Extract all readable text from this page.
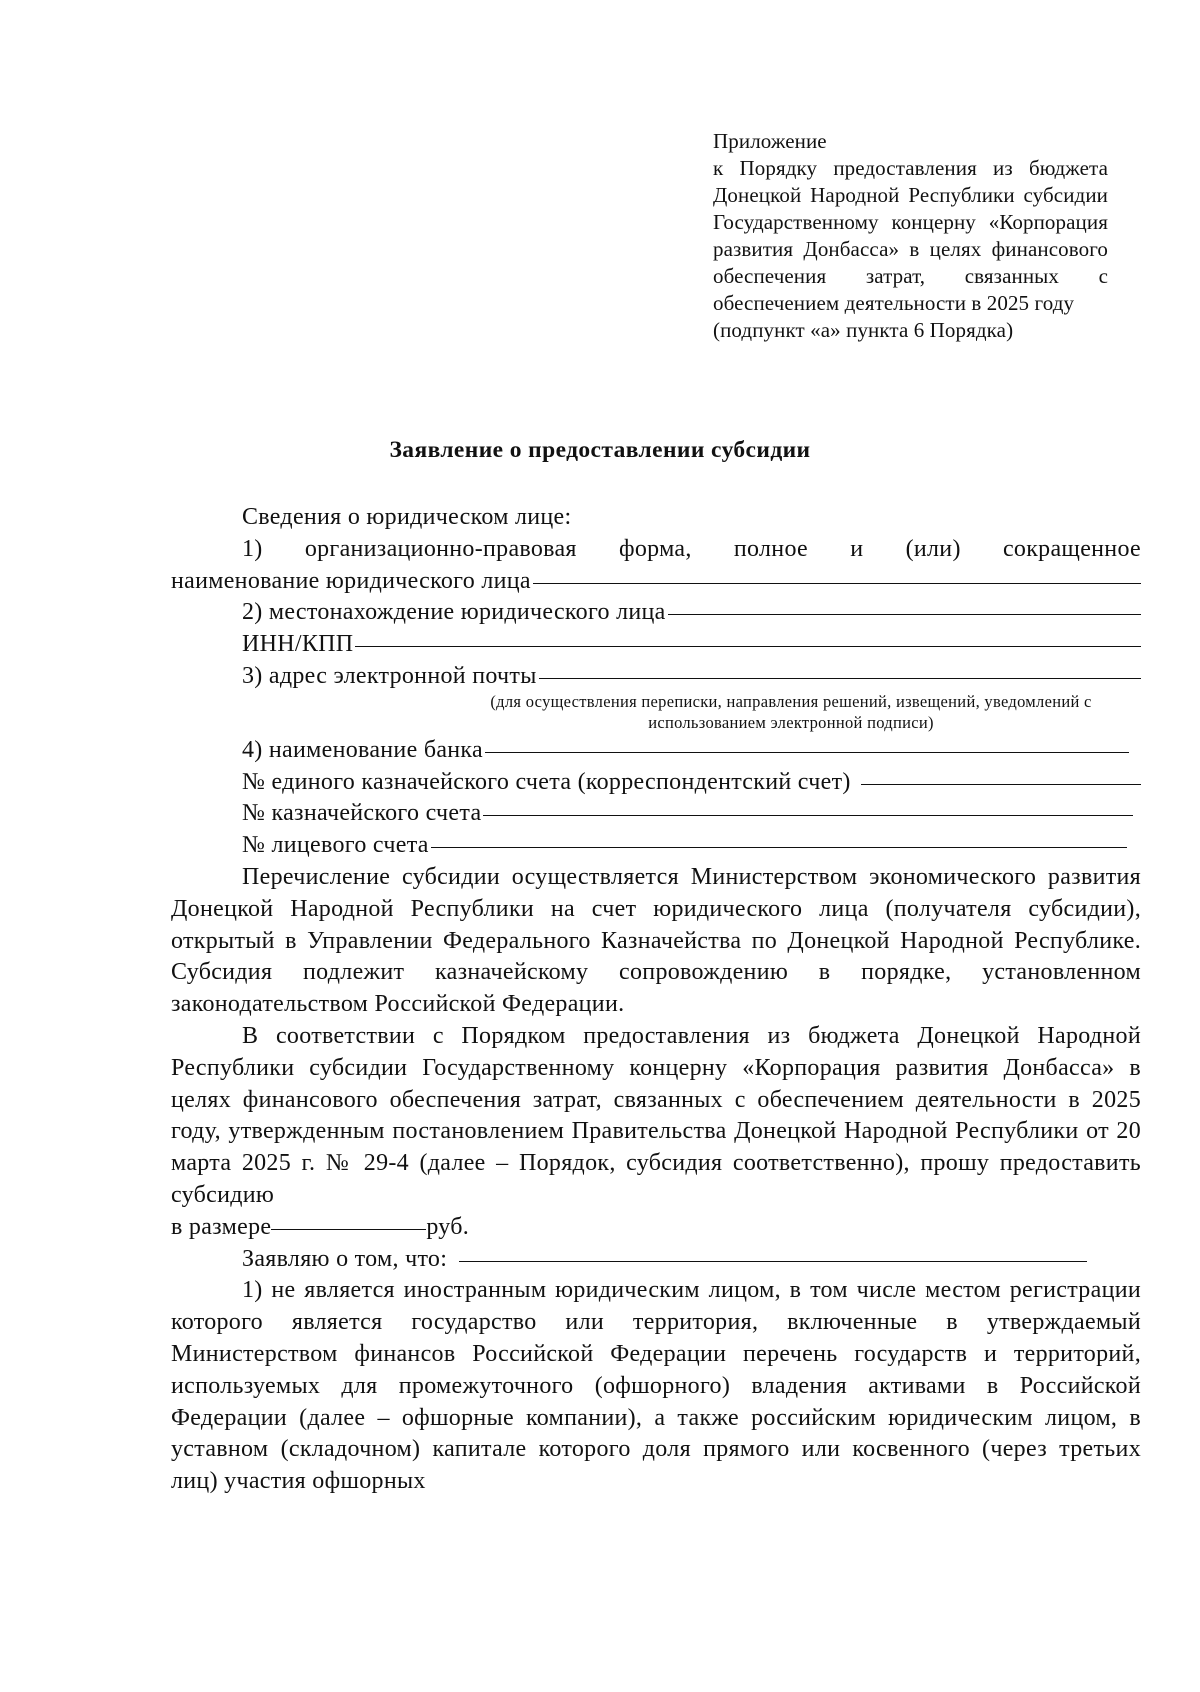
Приложение

к Порядку предоставления из бюджета Донецкой Народной Республики субсидии Государственному концерну «Корпорация развития Донбасса» в целях финансового обеспечения затрат, связанных с обеспечением деятельности в 2025 году

(подпункт «а» пункта 6 Порядка)

Заявление о предоставлении субсидии

Сведения о юридическом лице:

1) организационно-правовая форма, полное и (или) сокращенное

наименование юридического лица

2) местонахождение юридического лица

ИНН/КПП

3) адрес электронной почты

(для осуществления переписки, направления решений, извещений, уведомлений с использованием электронной подписи)

4) наименование банка

№ единого казначейского счета (корреспондентский счет)

№ казначейского счета

№ лицевого счета

Перечисление субсидии осуществляется Министерством экономического развития Донецкой Народной Республики на счет юридического лица (получателя субсидии), открытый в Управлении Федерального Казначейства по Донецкой Народной Республике. Субсидия подлежит казначейскому сопровождению в порядке, установленном законодательством Российской Федерации.

В соответствии с Порядком предоставления из бюджета Донецкой Народной Республики субсидии Государственному концерну «Корпорация развития Донбасса» в целях финансового обеспечения затрат, связанных с обеспечением деятельности в 2025 году, утвержденным постановлением Правительства Донецкой Народной Республики от 20 марта 2025 г. № 29-4 (далее – Порядок, субсидия соответственно), прошу предоставить субсидию

в размере	руб.

Заявляю о том, что:

1) не является иностранным юридическим лицом, в том числе местом регистрации которого является государство или территория, включенные в утверждаемый Министерством финансов Российской Федерации перечень государств и территорий, используемых для промежуточного (офшорного) владения активами в Российской Федерации (далее – офшорные компании), а также российским юридическим лицом, в уставном (складочном) капитале которого доля прямого или косвенного (через третьих лиц) участия офшорных
